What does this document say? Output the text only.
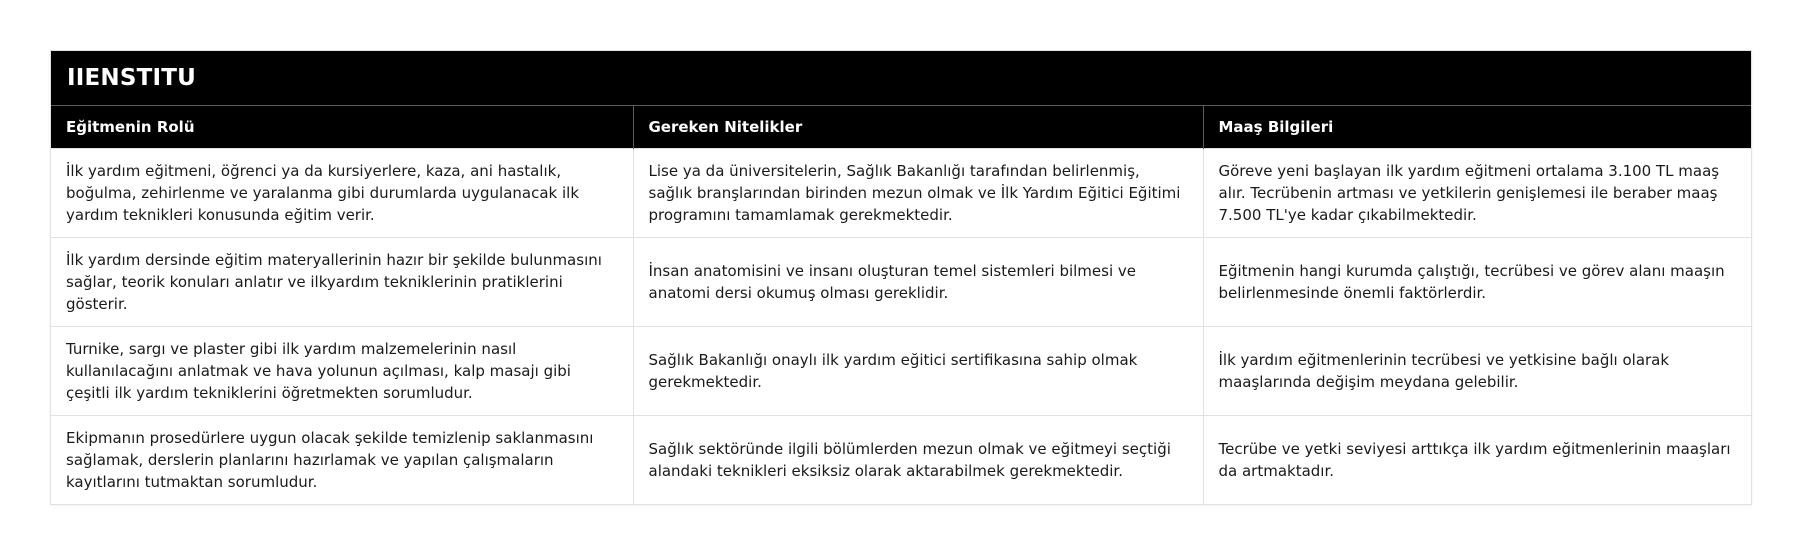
IIENSTITU
Eğitmenin Rolü	Gereken Nitelikler	Maaş Bilgileri
İlk yardım eğitmeni, öğrenci ya da kursiyerlere, kaza, ani hastalık, boğulma, zehirlenme ve yaralanma gibi durumlarda uygulanacak ilk yardım teknikleri konusunda eğitim verir.	Lise ya da üniversitelerin, Sağlık Bakanlığı tarafından belirlenmiş, sağlık branşlarından birinden mezun olmak ve İlk Yardım Eğitici Eğitimi programını tamamlamak gerekmektedir.	Göreve yeni başlayan ilk yardım eğitmeni ortalama 3.100 TL maaş alır. Tecrübenin artması ve yetkilerin genişlemesi ile beraber maaş 7.500 TL'ye kadar çıkabilmektedir.
İlk yardım dersinde eğitim materyallerinin hazır bir şekilde bulunmasını sağlar, teorik konuları anlatır ve ilkyardım tekniklerinin pratiklerini gösterir.	İnsan anatomisini ve insanı oluşturan temel sistemleri bilmesi ve anatomi dersi okumuş olması gereklidir.	Eğitmenin hangi kurumda çalıştığı, tecrübesi ve görev alanı maaşın belirlenmesinde önemli faktörlerdir.
Turnike, sargı ve plaster gibi ilk yardım malzemelerinin nasıl kullanılacağını anlatmak ve hava yolunun açılması, kalp masajı gibi çeşitli ilk yardım tekniklerini öğretmekten sorumludur.	Sağlık Bakanlığı onaylı ilk yardım eğitici sertifikasına sahip olmak gerekmektedir.	İlk yardım eğitmenlerinin tecrübesi ve yetkisine bağlı olarak maaşlarında değişim meydana gelebilir.
Ekipmanın prosedürlere uygun olacak şekilde temizlenip saklanmasını sağlamak, derslerin planlarını hazırlamak ve yapılan çalışmaların kayıtlarını tutmaktan sorumludur.	Sağlık sektöründe ilgili bölümlerden mezun olmak ve eğitmeyi seçtiği alandaki teknikleri eksiksiz olarak aktarabilmek gerekmektedir.	Tecrübe ve yetki seviyesi arttıkça ilk yardım eğitmenlerinin maaşları da artmaktadır.
